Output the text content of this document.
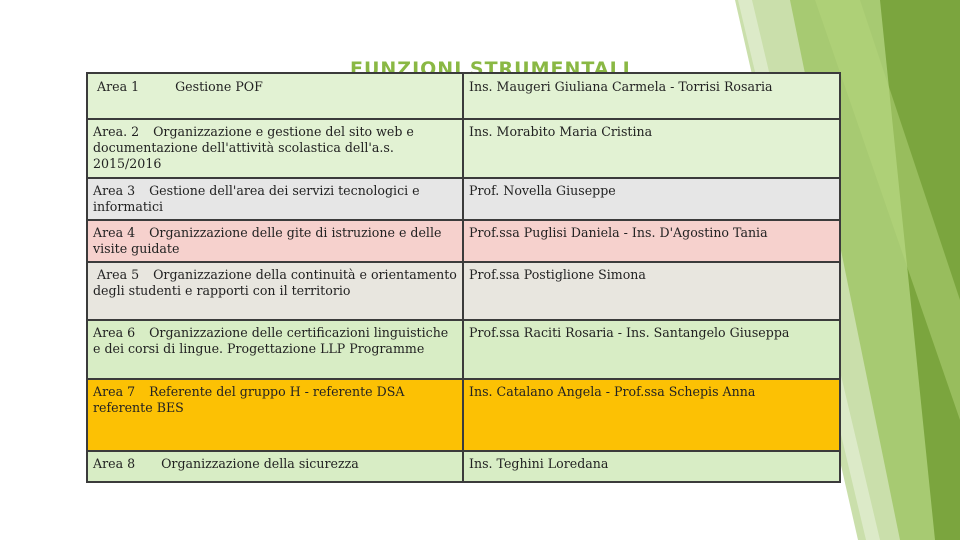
FUNZIONI STRUMENTALI
Area 1 Gestione POF	Ins. Maugeri Giuliana Carmela - Torrisi Rosaria
Area. 2 Organizzazione e gestione del sito web e documentazione dell'attività scolastica dell'a.s. 2015/2016	Ins. Morabito Maria Cristina
Area 3 Gestione dell'area dei servizi tecnologici e informatici	Prof. Novella Giuseppe
Area 4 Organizzazione delle gite di istruzione e delle visite guidate	Prof.ssa Puglisi Daniela - Ins. D'Agostino Tania
Area 5 Organizzazione della continuità e orientamento degli studenti e rapporti con il territorio	Prof.ssa Postiglione Simona
Area 6 Organizzazione delle certificazioni linguistiche e dei corsi di lingue. Progettazione LLP Programme	Prof.ssa Raciti Rosaria - Ins. Santangelo Giuseppa
Area 7 Referente del gruppo H - referente DSA referente BES	Ins. Catalano Angela - Prof.ssa Schepis Anna
Area 8 Organizzazione della sicurezza	Ins. Teghini Loredana
